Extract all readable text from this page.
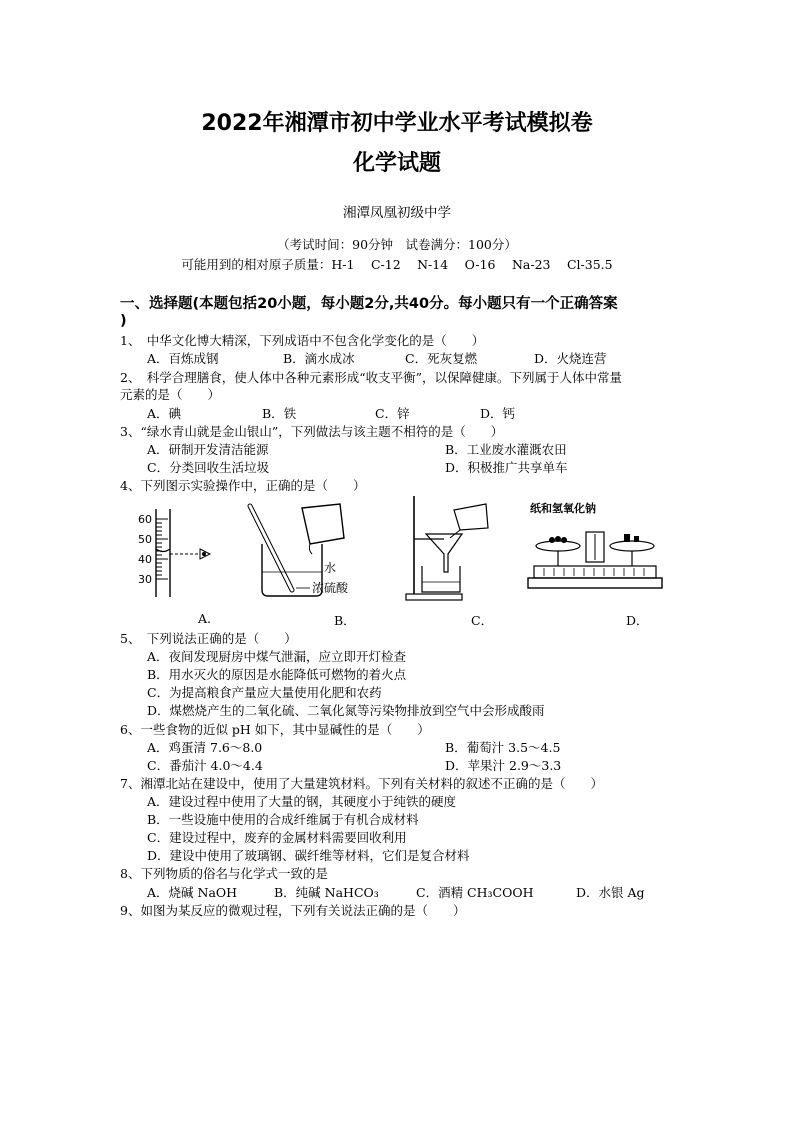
2022年湘潭市初中学业水平考试模拟卷
化学试题
湘潭凤凰初级中学
（考试时间：90分钟　试卷满分：100分）
可能用到的相对原子质量：H-1　 C-12　 N-14　 O-16　 Na-23　 Cl-35.5
一、选择题(本题包括20小题，每小题2分,共40分。每小题只有一个正确答案
)
1、　中华文化博大精深，下列成语中不包含化学变化的是（　　）
A．百炼成钢	B．滴水成冰	C．死灰复燃	D．火烧连营
2、　科学合理膳食，使人体中各种元素形成“收支平衡”，以保障健康。下列属于人体中常量
元素的是（　　）
A．碘	B．铁	C．锌	D．钙
3、“绿水青山就是金山银山”，下列做法与该主题不相符的是（　　）
A．研制开发清洁能源	B．工业废水灌溉农田
C．分类回收生活垃圾	D．积极推广共享单车
4、下列图示实验操作中，正确的是（　　）
60
50
40
30
A.
水
浓硫酸
B．	C．
纸和氢氧化钠
D．
5、　下列说法正确的是（　　）
A．夜间发现厨房中煤气泄漏，应立即开灯检查
B．用水灭火的原因是水能降低可燃物的着火点
C．为提高粮食产量应大量使用化肥和农药
D．煤燃烧产生的二氧化硫、二氧化氮等污染物排放到空气中会形成酸雨
6、一些食物的近似 pH 如下，其中显碱性的是（　　）
A．鸡蛋清 7.6～8.0	B．葡萄汁 3.5～4.5
C．番茄汁 4.0～4.4	D．苹果汁 2.9～3.3
7、湘潭北站在建设中，使用了大量建筑材料。下列有关材料的叙述不正确的是（　　）
A．建设过程中使用了大量的钢，其硬度小于纯铁的硬度
B．一些设施中使用的合成纤维属于有机合成材料
C．建设过程中，废弃的金属材料需要回收利用
D．建设中使用了玻璃钢、碳纤维等材料，它们是复合材料
8、下列物质的俗名与化学式一致的是
A．烧碱 NaOH	B．纯碱 NaHCO₃	C．酒精 CH₃COOH	D．水银 Ag
9、如图为某反应的微观过程，下列有关说法正确的是（　　）
